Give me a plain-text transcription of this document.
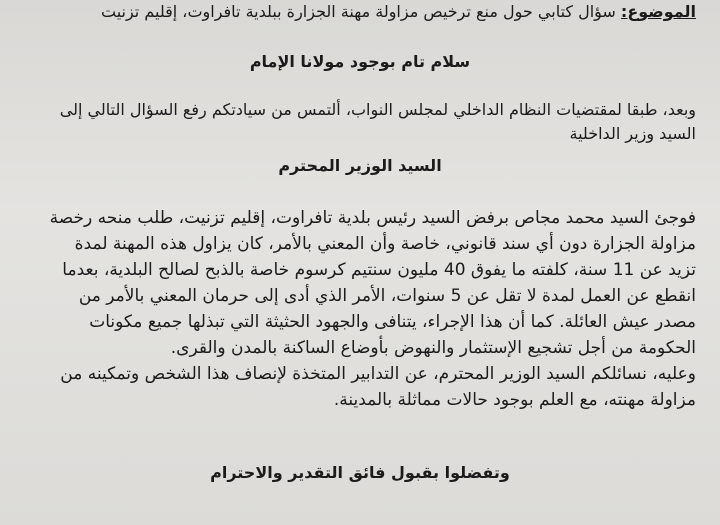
الموضوع: سؤال كتابي حول منع ترخيص مزاولة مهنة الجزارة ببلدية تافراوت، إقليم تزنيت
سلام تام بوجود مولانا الإمام
وبعد، طبقا لمقتضيات النظام الداخلي لمجلس النواب، ألتمس من سيادتكم رفع السؤال التالي إلى
السيد وزير الداخلية
السيد الوزير المحترم

فوجئ السيد محمد مجاص برفض السيد رئيس بلدية تافراوت، إقليم تزنيت، طلب منحه رخصة

مزاولة الجزارة دون أي سند قانوني، خاصة وأن المعني بالأمر، كان يزاول هذه المهنة لمدة

تزيد عن 11 سنة، كلفته ما يفوق 40 مليون سنتيم كرسوم خاصة بالذبح لصالح البلدية، بعدما

انقطع عن العمل لمدة لا تقل عن 5 سنوات، الأمر الذي أدى إلى حرمان المعني بالأمر من

مصدر عيش العائلة. كما أن هذا الإجراء، يتنافى والجهود الحثيثة التي تبذلها جميع مكونات

الحكومة من أجل تشجيع الإستثمار والنهوض بأوضاع الساكنة بالمدن والقرى.

وعليه، نسائلكم السيد الوزير المحترم، عن التدابير المتخذة لإنصاف هذا الشخص وتمكينه من

مزاولة مهنته، مع العلم بوجود حالات مماثلة بالمدينة.

وتفضلوا بقبول فائق التقدير والاحترام
